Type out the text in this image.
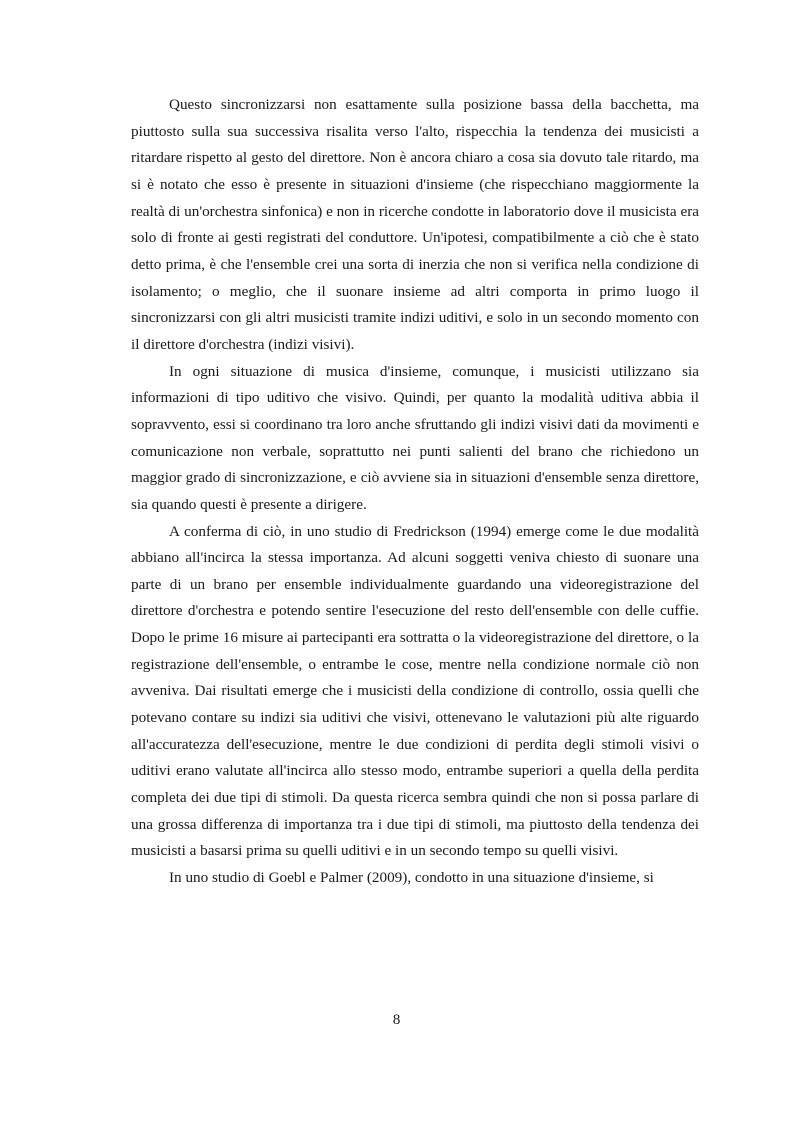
Questo sincronizzarsi non esattamente sulla posizione bassa della bacchetta, ma piuttosto sulla sua successiva risalita verso l'alto, rispecchia la tendenza dei musicisti a ritardare rispetto al gesto del direttore. Non è ancora chiaro a cosa sia dovuto tale ritardo, ma si è notato che esso è presente in situazioni d'insieme (che rispecchiano maggiormente la realtà di un'orchestra sinfonica) e non in ricerche condotte in laboratorio dove il musicista era solo di fronte ai gesti registrati del conduttore. Un'ipotesi, compatibilmente a ciò che è stato detto prima, è che l'ensemble crei una sorta di inerzia che non si verifica nella condizione di isolamento; o meglio, che il suonare insieme ad altri comporta in primo luogo il sincronizzarsi con gli altri musicisti tramite indizi uditivi, e solo in un secondo momento con il direttore d'orchestra (indizi visivi).

In ogni situazione di musica d'insieme, comunque, i musicisti utilizzano sia informazioni di tipo uditivo che visivo. Quindi, per quanto la modalità uditiva abbia il sopravvento, essi si coordinano tra loro anche sfruttando gli indizi visivi dati da movimenti e comunicazione non verbale, soprattutto nei punti salienti del brano che richiedono un maggior grado di sincronizzazione, e ciò avviene sia in situazioni d'ensemble senza direttore, sia quando questi è presente a dirigere.

A conferma di ciò, in uno studio di Fredrickson (1994) emerge come le due modalità abbiano all'incirca la stessa importanza. Ad alcuni soggetti veniva chiesto di suonare una parte di un brano per ensemble individualmente guardando una videoregistrazione del direttore d'orchestra e potendo sentire l'esecuzione del resto dell'ensemble con delle cuffie. Dopo le prime 16 misure ai partecipanti era sottratta o la videoregistrazione del direttore, o la registrazione dell'ensemble, o entrambe le cose, mentre nella condizione normale ciò non avveniva. Dai risultati emerge che i musicisti della condizione di controllo, ossia quelli che potevano contare su indizi sia uditivi che visivi, ottenevano le valutazioni più alte riguardo all'accuratezza dell'esecuzione, mentre le due condizioni di perdita degli stimoli visivi o uditivi erano valutate all'incirca allo stesso modo, entrambe superiori a quella della perdita completa dei due tipi di stimoli. Da questa ricerca sembra quindi che non si possa parlare di una grossa differenza di importanza tra i due tipi di stimoli, ma piuttosto della tendenza dei musicisti a basarsi prima su quelli uditivi e in un secondo tempo su quelli visivi.

In uno studio di Goebl e Palmer (2009), condotto in una situazione d'insieme, si

8
